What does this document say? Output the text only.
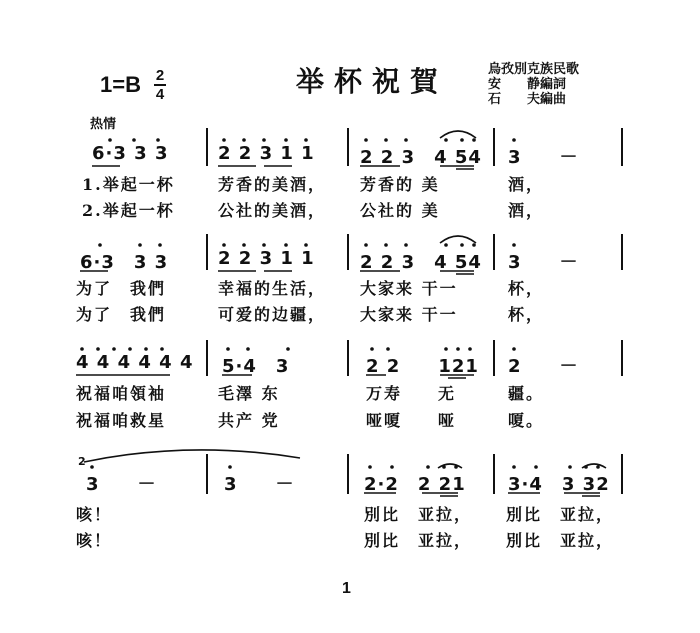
1=B 2
4	举杯祝賀	烏孜別克族民歌
安　　静編詞
石　　夫編曲
热情
6·3 3 3	2 2 3 1 1	2 2 3　4 54 3　　－
1.举起一杯	芳香的美酒， 芳香的 美	酒，
2.举起一杯	公社的美酒， 公社的 美	酒，
6·3　3 3	2 2 3 1 1	2 2 3　4 54 3　　－
为了　我們	幸福的生活， 大家来 干一	杯，
为了　我們	可爱的边疆， 大家来 干一	杯，
4 4 4 4 4 4 5·4　3	2 2　　121 2　　－
祝福咱領袖	毛澤 东	万寿　　无	疆。
祝福咱救星	共产 党	哑嗄　　哑	嗄。
2
3　　－	3　　－	2·2　2 21 3·4　3 32
咳！	別比　亚拉， 別比　亚拉，
咳！	別比　亚拉， 別比　亚拉，
1
